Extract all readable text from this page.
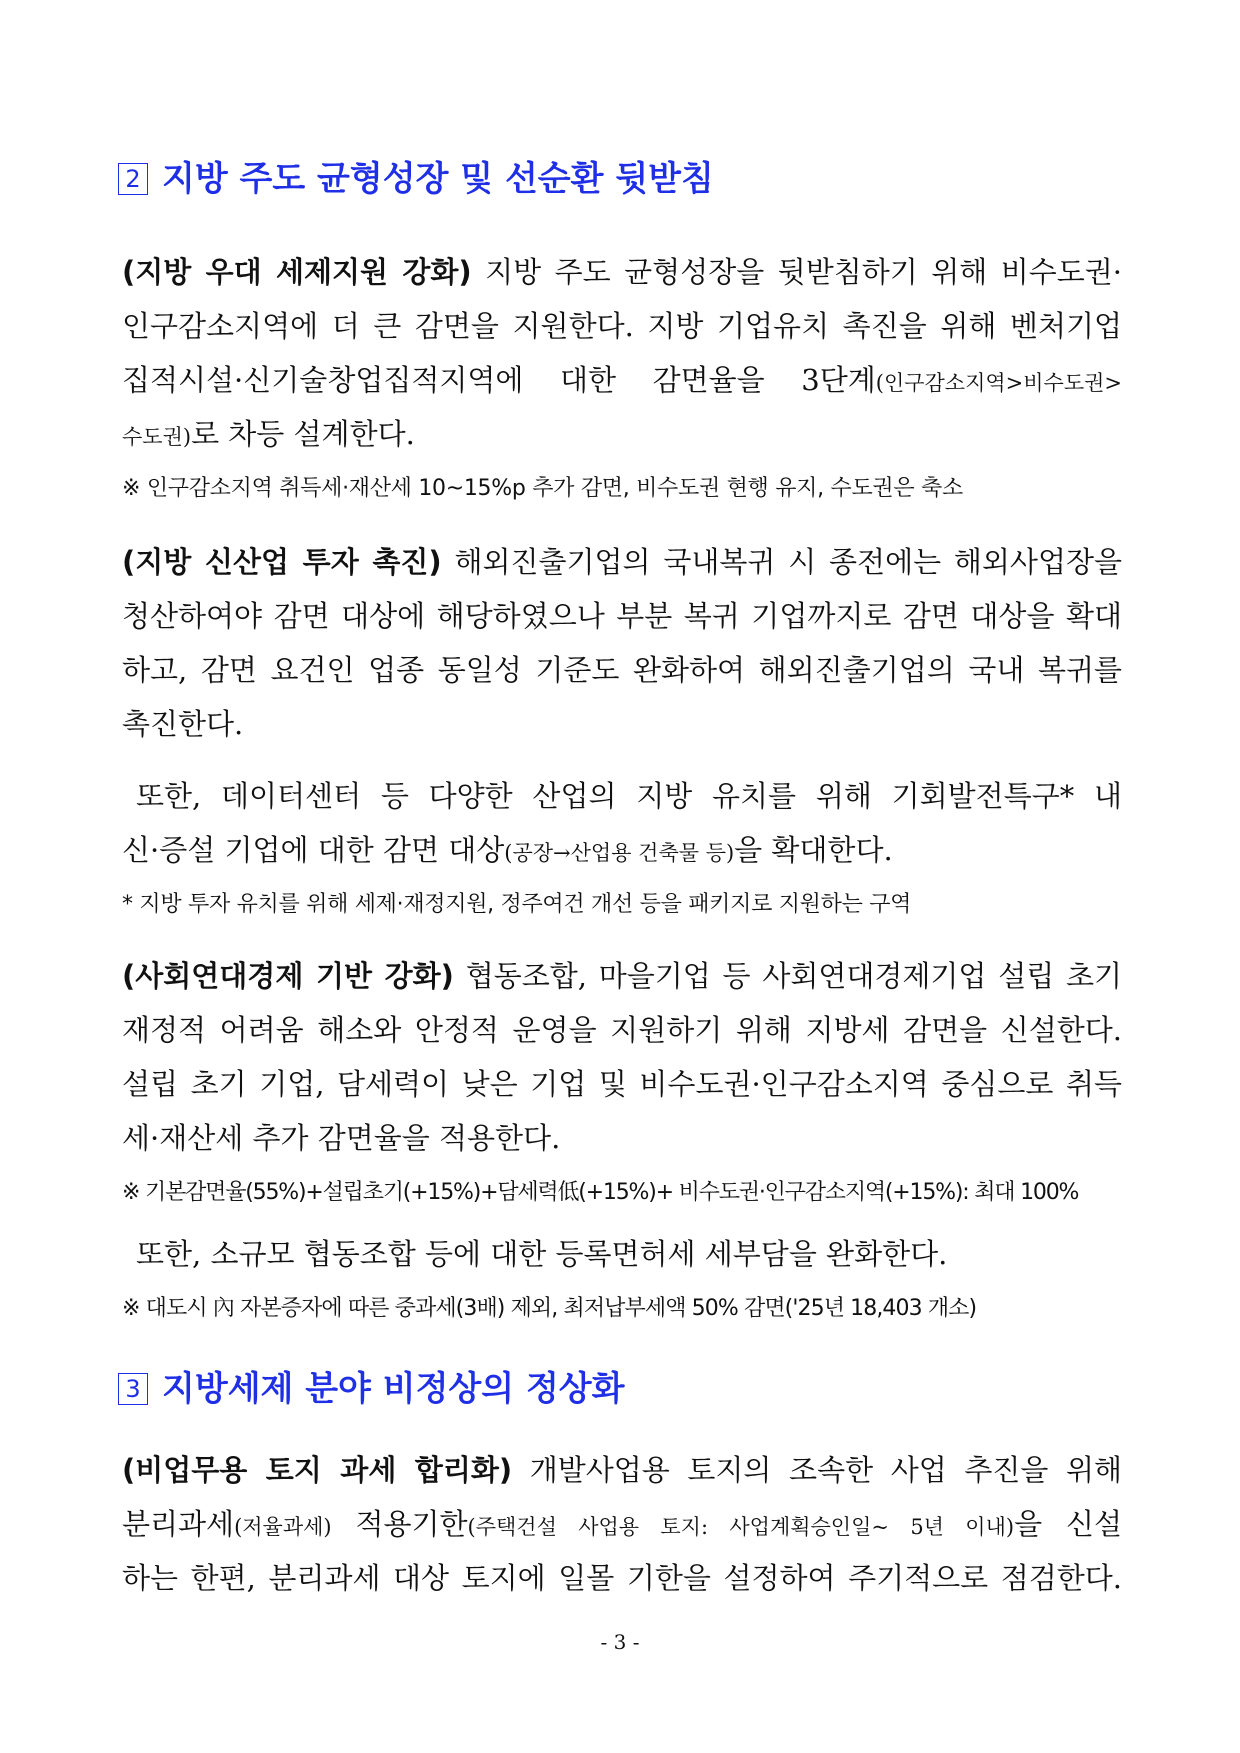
2 지방 주도 균형성장 및 선순환 뒷받침
(지방 우대 세제지원 강화) 지방 주도 균형성장을 뒷받침하기 위해 비수도권·
인구감소지역에 더 큰 감면을 지원한다. 지방 기업유치 촉진을 위해 벤처기업
집적시설·신기술창업집적지역에 대한 감면율을 3단계(인구감소지역>비수도권>
수도권)로 차등 설계한다.
※ 인구감소지역 취득세·재산세 10~15%p 추가 감면, 비수도권 현행 유지, 수도권은 축소
(지방 신산업 투자 촉진) 해외진출기업의 국내복귀 시 종전에는 해외사업장을
청산하여야 감면 대상에 해당하였으나 부분 복귀 기업까지로 감면 대상을 확대
하고, 감면 요건인 업종 동일성 기준도 완화하여 해외진출기업의 국내 복귀를
촉진한다.
또한, 데이터센터 등 다양한 산업의 지방 유치를 위해 기회발전특구* 내
신·증설 기업에 대한 감면 대상(공장→산업용 건축물 등)을 확대한다.
* 지방 투자 유치를 위해 세제·재정지원, 정주여건 개선 등을 패키지로 지원하는 구역
(사회연대경제 기반 강화) 협동조합, 마을기업 등 사회연대경제기업 설립 초기
재정적 어려움 해소와 안정적 운영을 지원하기 위해 지방세 감면을 신설한다.
설립 초기 기업, 담세력이 낮은 기업 및 비수도권·인구감소지역 중심으로 취득
세·재산세 추가 감면율을 적용한다.
※ 기본감면율(55%)+설립초기(+15%)+담세력低(+15%)+ 비수도권·인구감소지역(+15%): 최대 100%
또한, 소규모 협동조합 등에 대한 등록면허세 세부담을 완화한다.
※ 대도시 內 자본증자에 따른 중과세(3배) 제외, 최저납부세액 50% 감면('25년 18,403 개소)
3 지방세제 분야 비정상의 정상화
(비업무용 토지 과세 합리화) 개발사업용 토지의 조속한 사업 추진을 위해
분리과세(저율과세) 적용기한(주택건설 사업용 토지: 사업계획승인일~ 5년 이내)을 신설
하는 한편, 분리과세 대상 토지에 일몰 기한을 설정하여 주기적으로 점검한다.
- 3 -
